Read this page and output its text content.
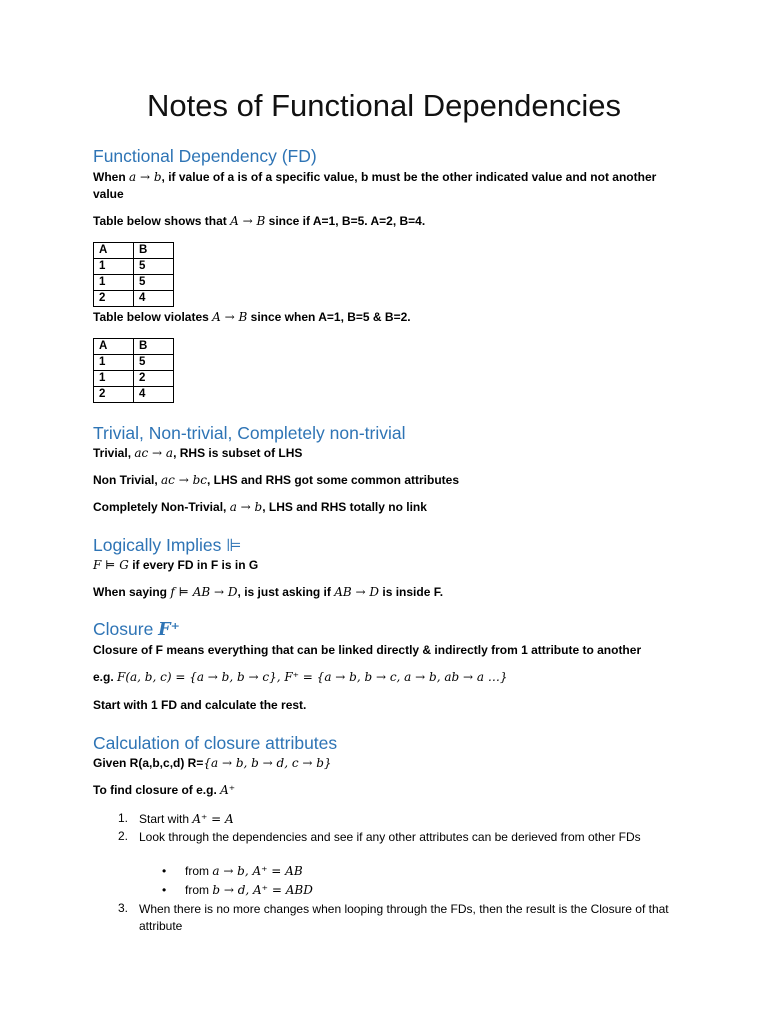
Notes of Functional Dependencies
Functional Dependency (FD)
When a → b, if value of a is of a specific value, b must be the other indicated value and not another value
Table below shows that A → B since if A=1, B=5. A=2, B=4.
A	B
1	5
1	5
2	4
Table below violates A → B since when A=1, B=5 & B=2.
A	B
1	5
1	2
2	4
Trivial, Non-trivial, Completely non-trivial
Trivial, ac → a, RHS is subset of LHS
Non Trivial, ac → bc, LHS and RHS got some common attributes
Completely Non-Trivial, a → b, LHS and RHS totally no link
Logically Implies ⊫
F ⊨ G if every FD in F is in G
When saying f ⊨ AB → D, is just asking if AB → D is inside F.
Closure F⁺
Closure of F means everything that can be linked directly & indirectly from 1 attribute to another
e.g. F(a, b, c) = {a → b, b → c}, F⁺ = {a → b, b → c, a → b, ab → a …}
Start with 1 FD and calculate the rest.
Calculation of closure attributes
Given R(a,b,c,d) R={a → b, b → d, c → b}
To find closure of e.g. A⁺
1. Start with A⁺ = A
2. Look through the dependencies and see if any other attributes can be derieved from other FDs
• from a → b, A⁺ = AB
• from b → d, A⁺ = ABD
3. When there is no more changes when looping through the FDs, then the result is the Closure of that attribute
